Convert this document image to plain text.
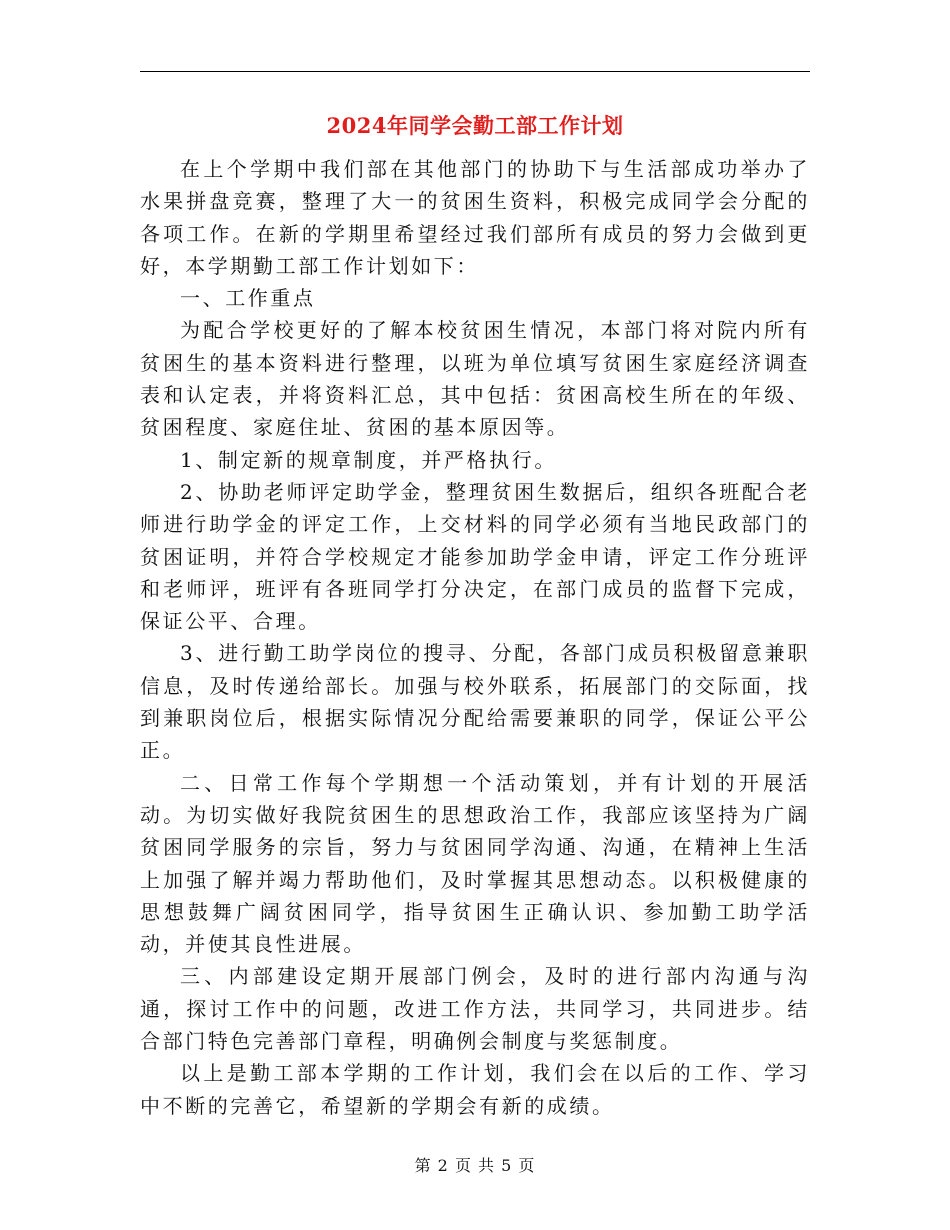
2024年同学会勤工部工作计划

在上个学期中我们部在其他部门的协助下与生活部成功举办了水果拼盘竞赛，整理了大一的贫困生资料，积极完成同学会分配的各项工作。在新的学期里希望经过我们部所有成员的努力会做到更好，本学期勤工部工作计划如下：

一、工作重点

为配合学校更好的了解本校贫困生情况，本部门将对院内所有贫困生的基本资料进行整理，以班为单位填写贫困生家庭经济调查表和认定表，并将资料汇总，其中包括：贫困高校生所在的年级、贫困程度、家庭住址、贫困的基本原因等。

1、制定新的规章制度，并严格执行。

2、协助老师评定助学金，整理贫困生数据后，组织各班配合老师进行助学金的评定工作，上交材料的同学必须有当地民政部门的贫困证明，并符合学校规定才能参加助学金申请，评定工作分班评和老师评，班评有各班同学打分决定，在部门成员的监督下完成，保证公平、合理。

3、进行勤工助学岗位的搜寻、分配，各部门成员积极留意兼职信息，及时传递给部长。加强与校外联系，拓展部门的交际面，找到兼职岗位后，根据实际情况分配给需要兼职的同学，保证公平公正。

二、日常工作每个学期想一个活动策划，并有计划的开展活动。为切实做好我院贫困生的思想政治工作，我部应该坚持为广阔贫困同学服务的宗旨，努力与贫困同学沟通、沟通，在精神上生活上加强了解并竭力帮助他们，及时掌握其思想动态。以积极健康的思想鼓舞广阔贫困同学，指导贫困生正确认识、参加勤工助学活动，并使其良性进展。

三、内部建设定期开展部门例会，及时的进行部内沟通与沟通，探讨工作中的问题，改进工作方法，共同学习，共同进步。结合部门特色完善部门章程，明确例会制度与奖惩制度。

以上是勤工部本学期的工作计划，我们会在以后的工作、学习中不断的完善它，希望新的学期会有新的成绩。

第 2 页 共 5 页
